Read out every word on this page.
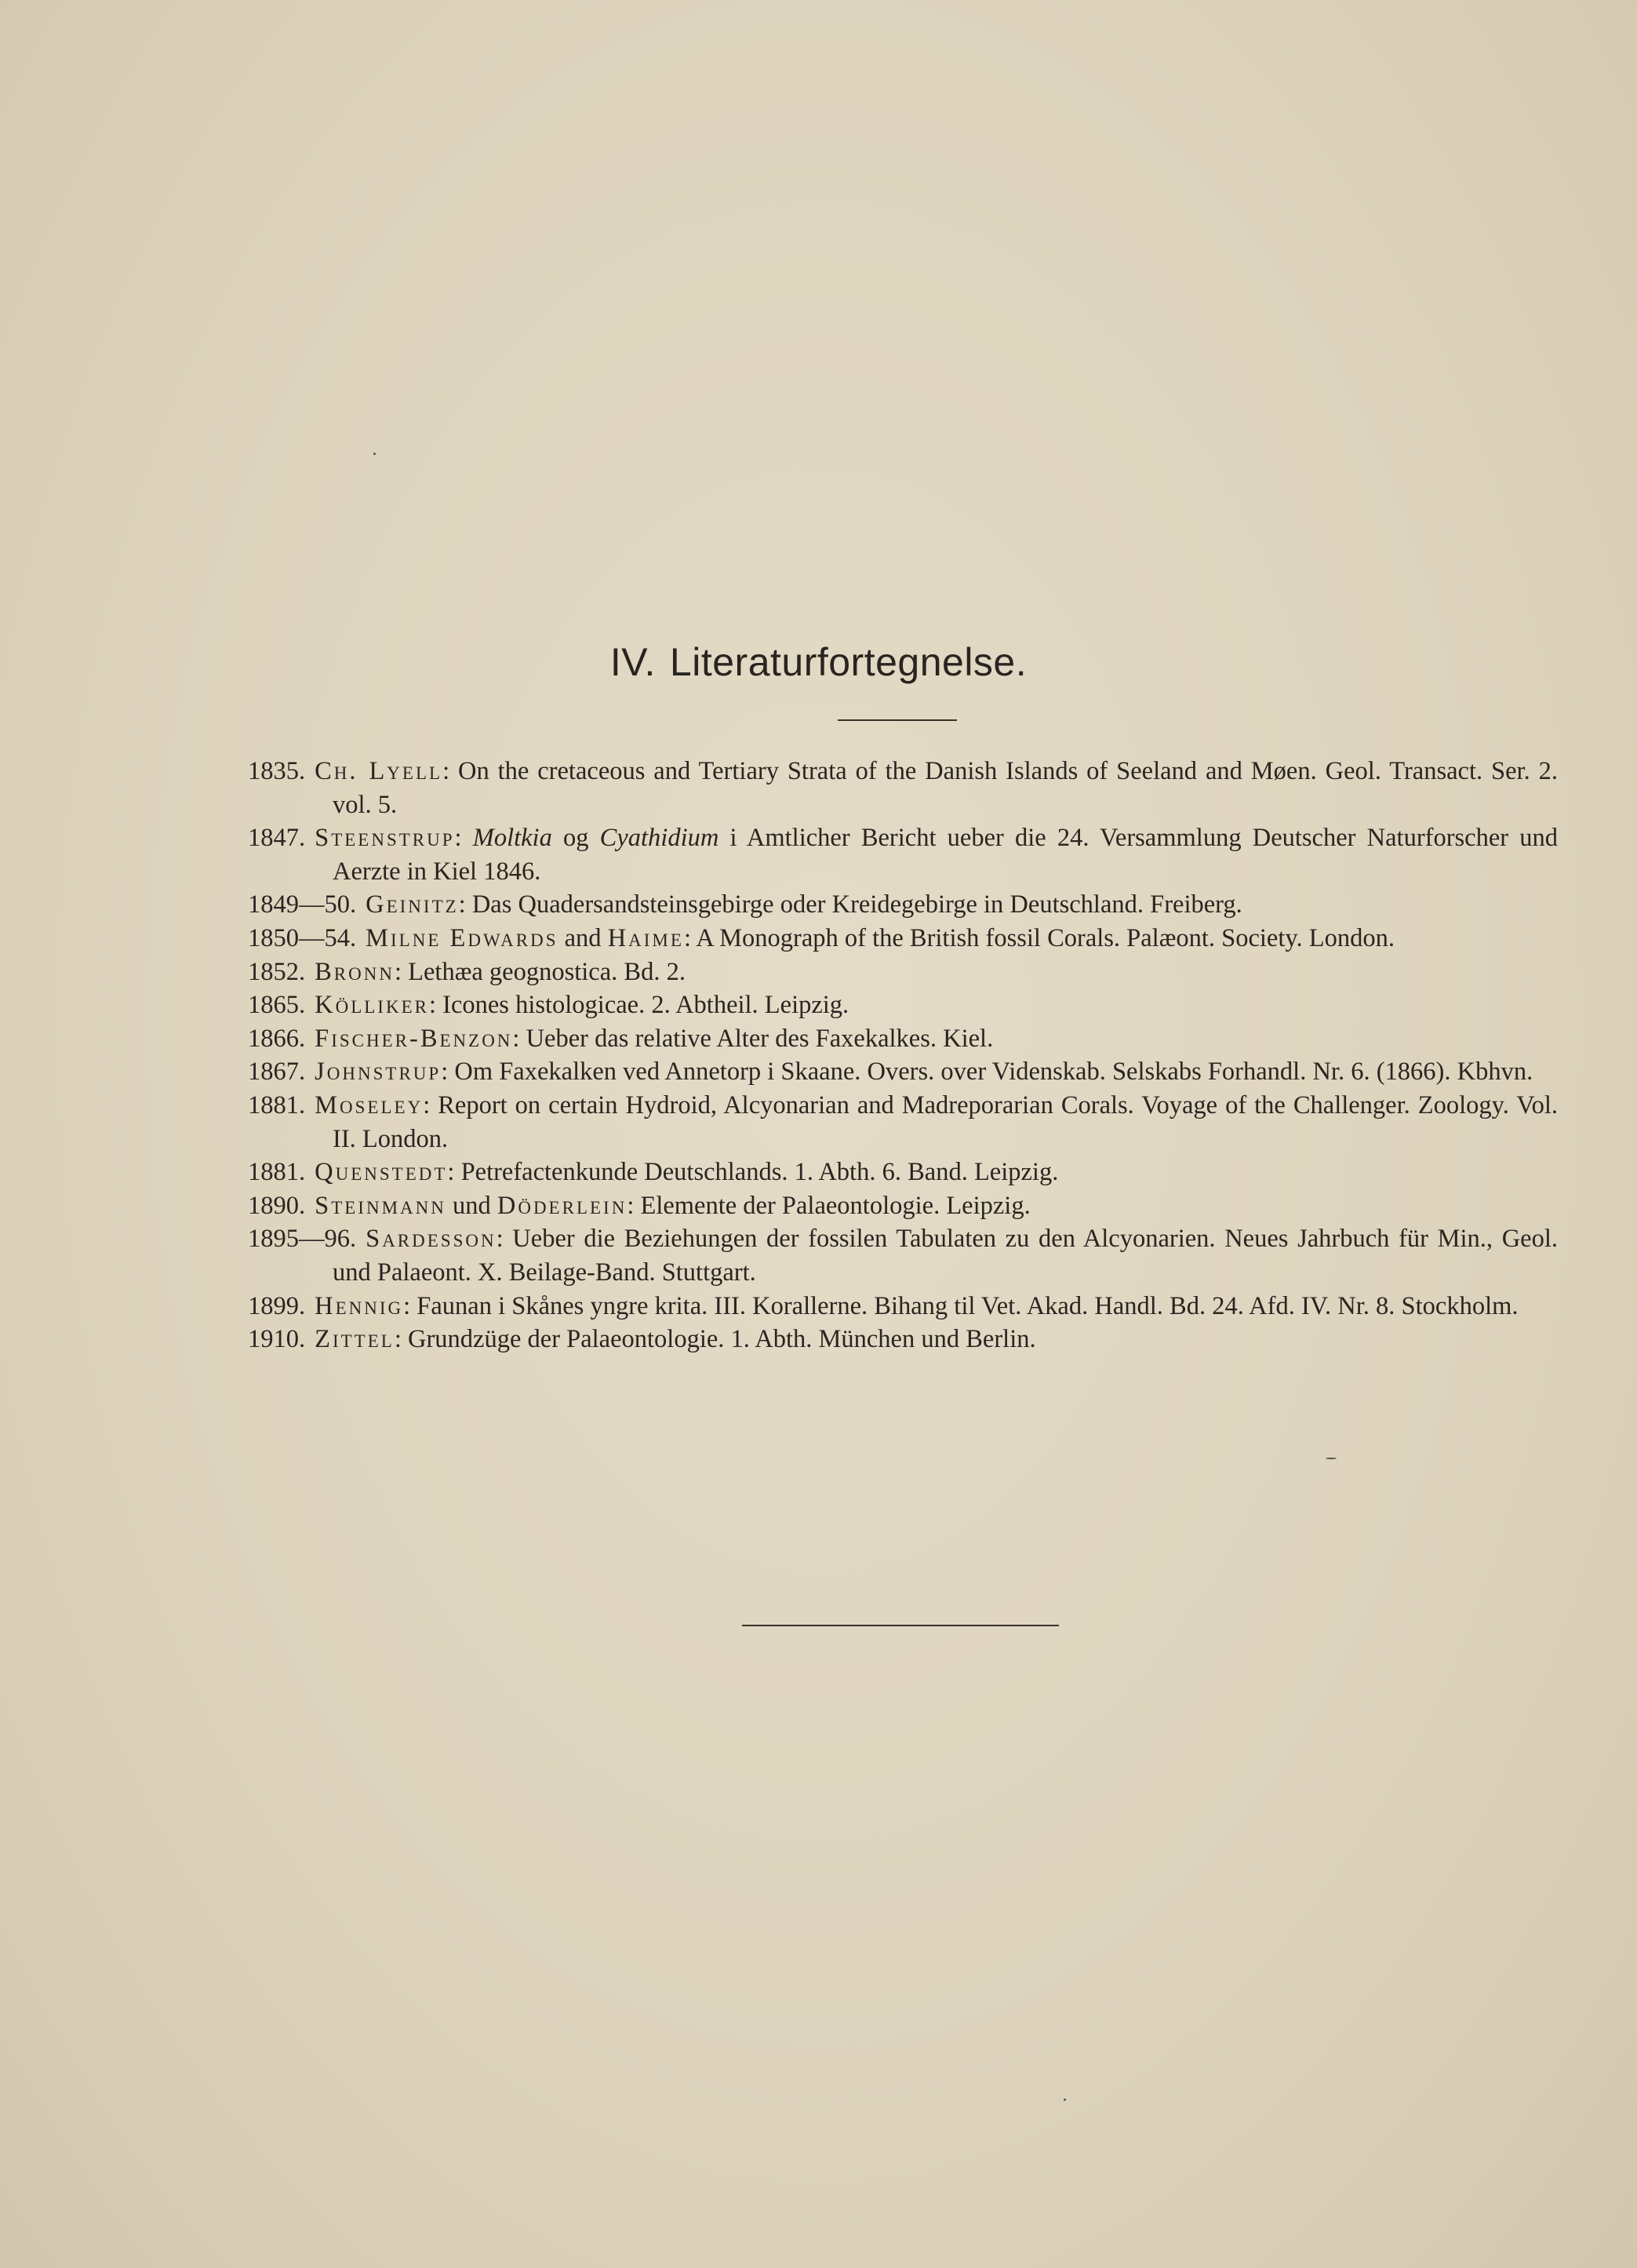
IV. Literaturfortegnelse.
1835. Ch. Lyell: On the cretaceous and Tertiary Strata of the Danish Islands of Seeland and Møen. Geol. Transact. Ser. 2. vol. 5.
1847. Steenstrup: Moltkia og Cyathidium i Amtlicher Bericht ueber die 24. Versammlung Deutscher Naturforscher und Aerzte in Kiel 1846.
1849—50. Geinitz: Das Quadersandsteinsgebirge oder Kreidegebirge in Deutschland. Freiberg.
1850—54. Milne Edwards and Haime: A Monograph of the British fossil Corals. Palæont. Society. London.
1852. Bronn: Lethæa geognostica. Bd. 2.
1865. Kölliker: Icones histologicae. 2. Abtheil. Leipzig.
1866. Fischer-Benzon: Ueber das relative Alter des Faxekalkes. Kiel.
1867. Johnstrup: Om Faxekalken ved Annetorp i Skaane. Overs. over Videnskab. Selskabs Forhandl. Nr. 6. (1866). Kbhvn.
1881. Moseley: Report on certain Hydroid, Alcyonarian and Madreporarian Corals. Voyage of the Challenger. Zoology. Vol. II. London.
1881. Quenstedt: Petrefactenkunde Deutschlands. 1. Abth. 6. Band. Leipzig.
1890. Steinmann und Döderlein: Elemente der Palaeontologie. Leipzig.
1895—96. Sardesson: Ueber die Beziehungen der fossilen Tabulaten zu den Alcyonarien. Neues Jahrbuch für Min., Geol. und Palaeont. X. Beilage-Band. Stuttgart.
1899. Hennig: Faunan i Skånes yngre krita. III. Korallerne. Bihang til Vet. Akad. Handl. Bd. 24. Afd. IV. Nr. 8. Stockholm.
1910. Zittel: Grundzüge der Palaeontologie. 1. Abth. München und Berlin.
